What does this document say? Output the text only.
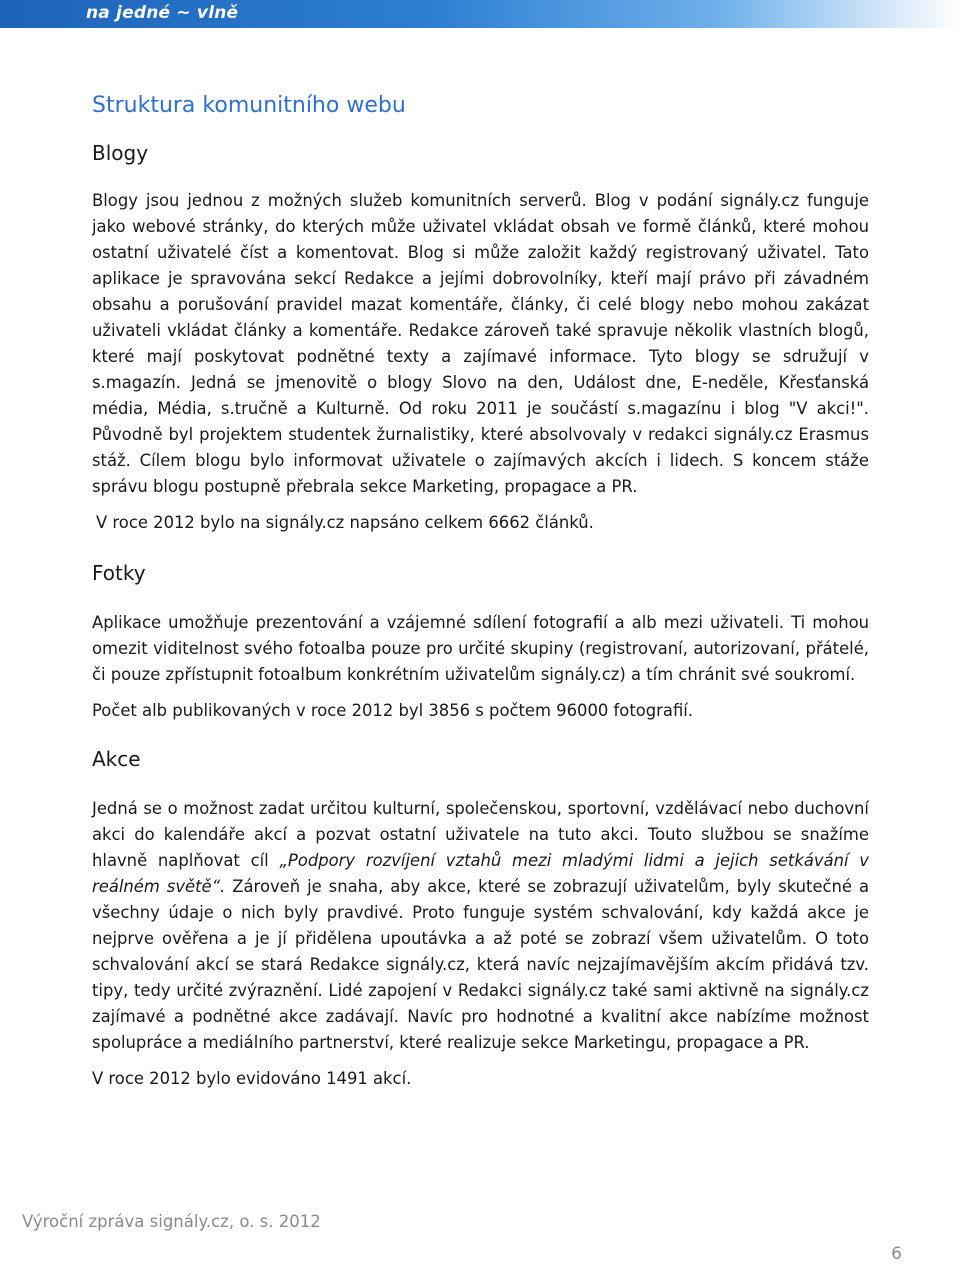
na jedné ~ vlně
Struktura komunitního webu
Blogy

Blogy jsou jednou z možných služeb komunitních serverů. Blog v podání signály.cz funguje jako webové stránky, do kterých může uživatel vkládat obsah ve formě článků, které mohou ostatní uživatelé číst a komentovat. Blog si může založit každý registrovaný uživatel. Tato aplikace je spravována sekcí Redakce a jejími dobrovolníky, kteří mají právo při závadném obsahu a porušování pravidel mazat komentáře, články, či celé blogy nebo mohou zakázat uživateli vkládat články a komentáře. Redakce zároveň také spravuje několik vlastních blogů, které mají poskytovat podnětné texty a zajímavé informace. Tyto blogy se sdružují v s.magazín. Jedná se jmenovitě o blogy Slovo na den, Událost dne, E-neděle, Křesťanská média, Média, s.tručně a Kulturně. Od roku 2011 je součástí s.magazínu i blog "V akci!". Původně byl projektem studentek žurnalistiky, které absolvovaly v redakci signály.cz Erasmus stáž. Cílem blogu bylo informovat uživatele o zajímavých akcích i lidech. S koncem stáže správu blogu postupně přebrala sekce Marketing, propagace a PR.

V roce 2012 bylo na signály.cz napsáno celkem 6662 článků.

Fotky

Aplikace umožňuje prezentování a vzájemné sdílení fotografií a alb mezi uživateli. Ti mohou omezit viditelnost svého fotoalba pouze pro určité skupiny (registrovaní, autorizovaní, přátelé, či pouze zpřístupnit fotoalbum konkrétním uživatelům signály.cz) a tím chránit své soukromí.

Počet alb publikovaných v roce 2012 byl 3856 s počtem 96000 fotografií.

Akce

Jedná se o možnost zadat určitou kulturní, společenskou, sportovní, vzdělávací nebo duchovní akci do kalendáře akcí a pozvat ostatní uživatele na tuto akci. Touto službou se snažíme hlavně naplňovat cíl „Podpory rozvíjení vztahů mezi mladými lidmi a jejich setkávání v reálném světě“. Zároveň je snaha, aby akce, které se zobrazují uživatelům, byly skutečné a všechny údaje o nich byly pravdivé. Proto funguje systém schvalování, kdy každá akce je nejprve ověřena a je jí přidělena upoutávka a až poté se zobrazí všem uživatelům. O toto schvalování akcí se stará Redakce signály.cz, která navíc nejzajímavějším akcím přidává tzv. tipy, tedy určité zvýraznění. Lidé zapojení v Redakci signály.cz také sami aktivně na signály.cz zajímavé a podnětné akce zadávají. Navíc pro hodnotné a kvalitní akce nabízíme možnost spolupráce a mediálního partnerství, které realizuje sekce Marketingu, propagace a PR.

V roce 2012 bylo evidováno 1491 akcí.

Výroční zpráva signály.cz, o. s. 2012
6
